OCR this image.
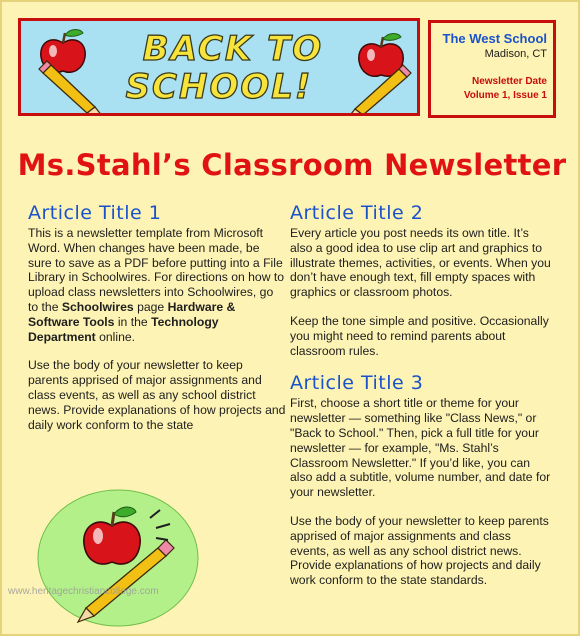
BACK TO
SCHOOL!
The West School
Madison, CT
Newsletter Date
Volume 1, Issue 1
Ms.Stahl’s Classroom Newsletter
Article Title 1

This is a newsletter template from Microsoft Word. When changes have been made, be sure to save as a PDF before putting into a File Library in Schoolwires. For directions on how to upload class newsletters into Schoolwires, go to the Schoolwires page Hardware & Software Tools in the Technology Department online.

Use the body of your newsletter to keep parents apprised of major assignments and class events, as well as any school district news. Provide explanations of how projects and daily work conform to the state

Article Title 2

Every article you post needs its own title. It’s also a good idea to use clip art and graphics to illustrate themes, activities, or events. When you don’t have enough text, fill empty spaces with graphics or classroom photos.

Keep the tone simple and positive. Occasionally you might need to remind parents about classroom rules.

Article Title 3

First, choose a short title or theme for your newsletter — something like "Class News," or "Back to School." Then, pick a full title for your newsletter — for example, "Ms. Stahl’s Classroom Newsletter." If you’d like, you can also add a subtitle, volume number, and date for your newsletter.

Use the body of your newsletter to keep parents apprised of major assignments and class events, as well as any school district news. Provide explanations of how projects and daily work conform to the state standards.

www.heritagechristiancollege.com
